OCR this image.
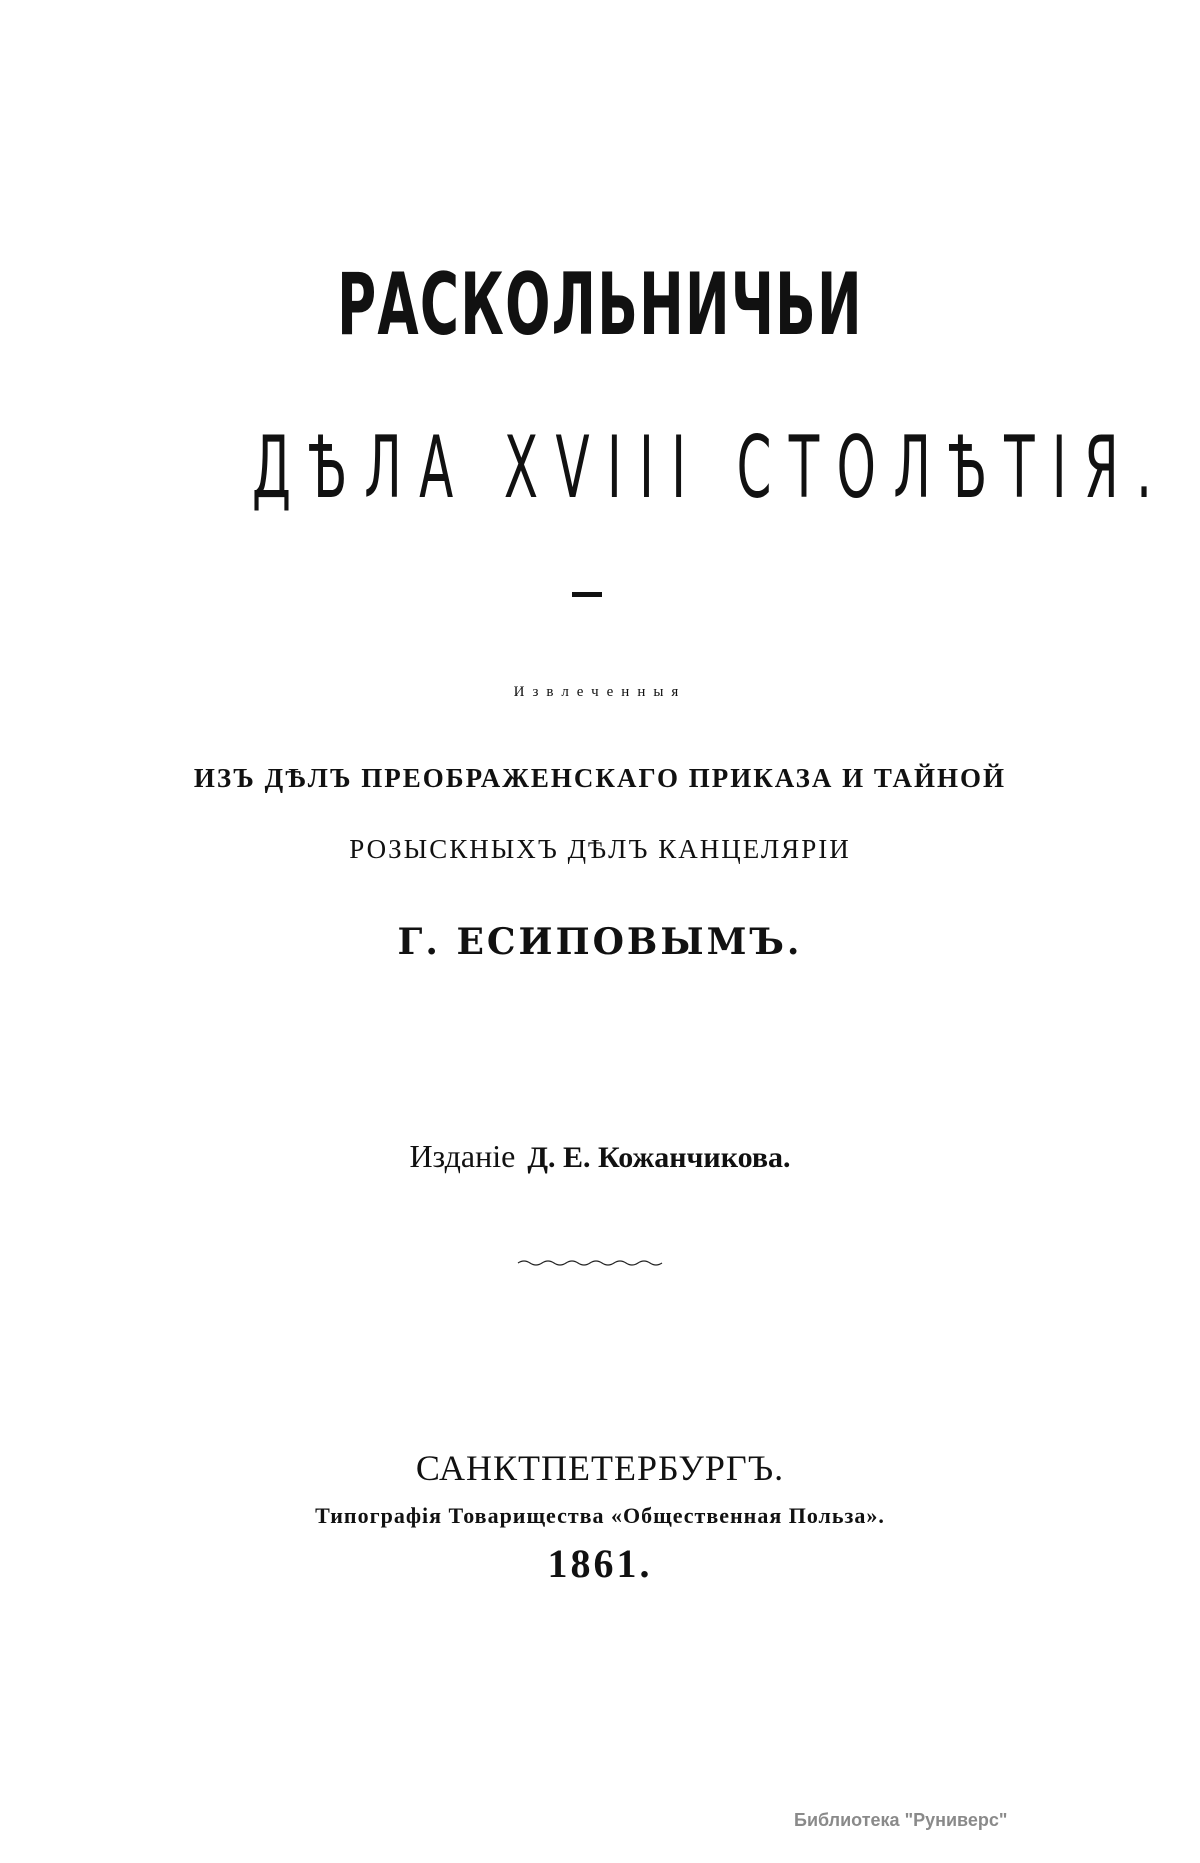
РАСКОЛЬНИЧЬИ
ДѢЛА XVIII СТОЛѢТІЯ.
Извлеченныя
ИЗЪ ДѢЛЪ ПРЕОБРАЖЕНСКАГО ПРИКАЗА И ТАЙНОЙ
РОЗЫСКНЫХЪ ДѢЛЪ КАНЦЕЛЯРІИ
Г. ЕСИПОВЫМЪ.
Изданіе Д. Е. Кожанчикова.
САНКТПЕТЕРБУРГЪ.
Типографія Товарищества «Общественная Польза».
1861.
Библиотека "Руниверс"
